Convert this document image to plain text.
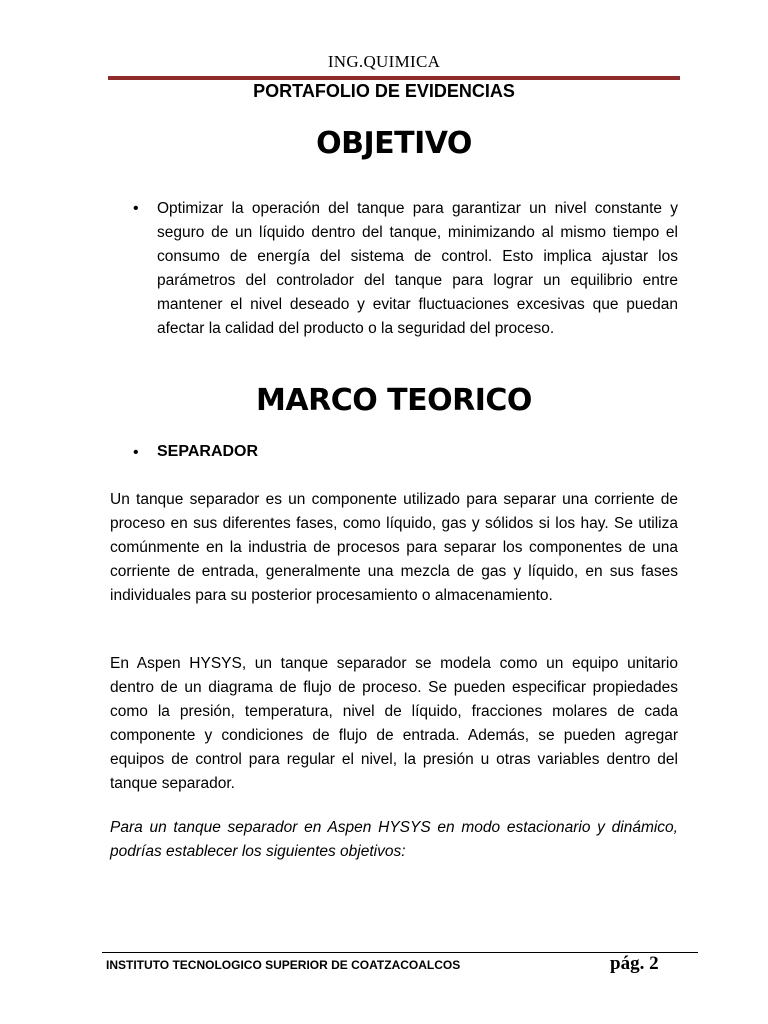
ING.QUIMICA
PORTAFOLIO DE EVIDENCIAS
OBJETIVO
• Optimizar la operación del tanque para garantizar un nivel constante y seguro de un líquido dentro del tanque, minimizando al mismo tiempo el consumo de energía del sistema de control. Esto implica ajustar los parámetros del controlador del tanque para lograr un equilibrio entre mantener el nivel deseado y evitar fluctuaciones excesivas que puedan afectar la calidad del producto o la seguridad del proceso.
MARCO TEORICO
• SEPARADOR
Un tanque separador es un componente utilizado para separar una corriente de proceso en sus diferentes fases, como líquido, gas y sólidos si los hay. Se utiliza comúnmente en la industria de procesos para separar los componentes de una corriente de entrada, generalmente una mezcla de gas y líquido, en sus fases individuales para su posterior procesamiento o almacenamiento.
En Aspen HYSYS, un tanque separador se modela como un equipo unitario dentro de un diagrama de flujo de proceso. Se pueden especificar propiedades como la presión, temperatura, nivel de líquido, fracciones molares de cada componente y condiciones de flujo de entrada. Además, se pueden agregar equipos de control para regular el nivel, la presión u otras variables dentro del tanque separador.
Para un tanque separador en Aspen HYSYS en modo estacionario y dinámico, podrías establecer los siguientes objetivos:
INSTITUTO TECNOLOGICO SUPERIOR DE COATZACOALCOS	pág. 2
